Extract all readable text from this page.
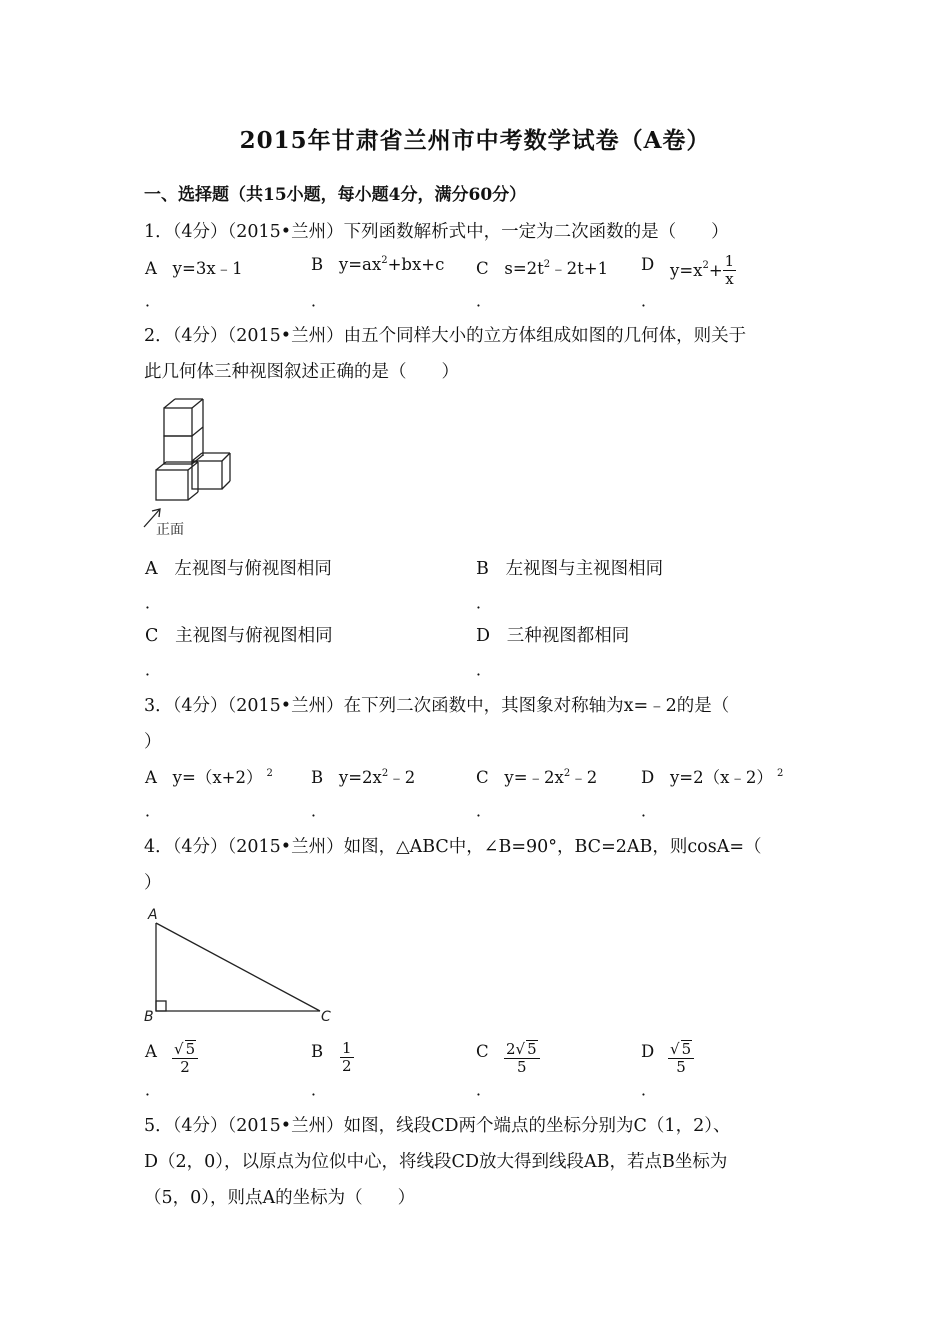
2015年甘肃省兰州市中考数学试卷（A卷）
一、选择题（共15小题，每小题4分，满分60分）
1．（4分）（2015•兰州）下列函数解析式中，一定为二次函数的是（　　）
A y=3x﹣1	B $y=ax^2+bx+c$ C $s=2t^2﹣2t+1$ D $y=x^2+ \frac{1}{x}$
．	．	．	．
2．（4分）（2015•兰州）由五个同样大小的立方体组成如图的几何体，则关于
此几何体三种视图叙述正确的是（　　）
正面
A 左视图与俯视图相同	B 左视图与主视图相同
．	．
C 主视图与俯视图相同	D 三种视图都相同
．	．
3．（4分）（2015•兰州）在下列二次函数中，其图象对称轴为x=﹣2的是（
）
A y=（x+2） $^2$ B $y=2x^2﹣2$	C $y=﹣2x^2﹣2$	D y=2（x﹣2） $^2$
．	．	．	．
4．（4分）（2015•兰州）如图，△ABC中，∠B=90°，BC=2AB，则cosA=（
）
A
B	C
A $\frac{√ 5}{2}$	B $\frac{1}{2}$	C $\frac{2√ 5}{5}$	D $\frac{√ 5}{5}$
．	．	．	．
5．（4分）（2015•兰州）如图，线段CD两个端点的坐标分别为C（1，2）、
D（2，0），以原点为位似中心，将线段CD放大得到线段AB，若点B坐标为
（5，0），则点A的坐标为（　　）
